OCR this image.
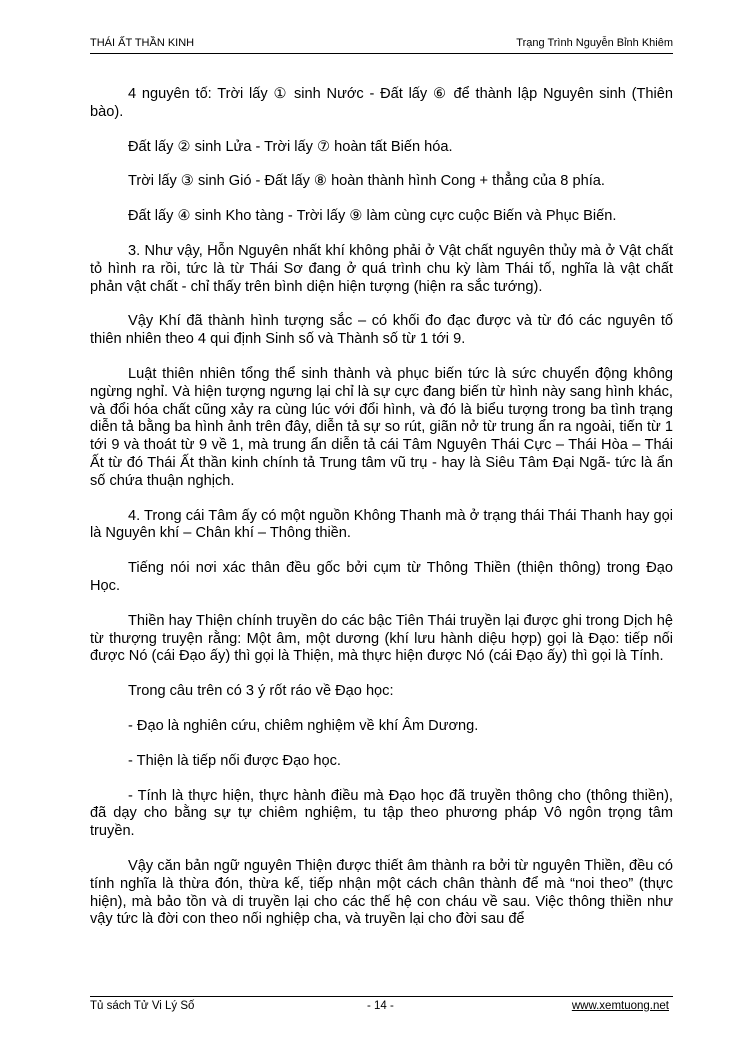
THÁI ẤT THẦN KINH	Trạng Trình Nguyễn Bỉnh Khiêm

4 nguyên tố: Trời lấy ① sinh Nước - Đất lấy ⑥ để thành lập Nguyên sinh (Thiên bào).

Đất lấy ② sinh Lửa - Trời lấy ⑦ hoàn tất Biến hóa.

Trời lấy ③ sinh Gió - Đất lấy ⑧ hoàn thành hình Cong + thẳng của 8 phía.

Đất lấy ④ sinh Kho tàng - Trời lấy ⑨ làm cùng cực cuộc Biến và Phục Biến.

3. Như vậy, Hỗn Nguyên nhất khí không phải ở Vật chất nguyên thủy mà ở Vật chất tỏ hình ra rồi, tức là từ Thái Sơ đang ở quá trình chu kỳ làm Thái tố, nghĩa là vật chất phản vật chất - chỉ thấy trên bình diện hiện tượng (hiện ra sắc tướng).

Vậy Khí đã thành hình tượng sắc – có khối đo đạc được và từ đó các nguyên tố thiên nhiên theo 4 qui định Sinh số và Thành số từ 1 tới 9.

Luật thiên nhiên tổng thể sinh thành và phục biến tức là sức chuyển động không ngừng nghỉ. Và hiện tượng ngưng lại chỉ là sự cực đang biến từ hình này sang hình khác, và đổi hóa chất cũng xảy ra cùng lúc với đổi hình, và đó là biểu tượng trong ba tình trạng diễn tả bằng ba hình ảnh trên đây, diễn tả sự so rút, giãn nở từ trung ẩn ra ngoài, tiến từ 1 tới 9 và thoát từ 9 về 1, mà trung ẩn diễn tả cái Tâm Nguyên Thái Cực – Thái Hòa – Thái Ất từ đó Thái Ất thần kinh chính tả Trung tâm vũ trụ - hay là Siêu Tâm Đại Ngã- tức là ẩn số chứa thuận nghịch.

4. Trong cái Tâm ấy có một nguồn Không Thanh mà ở trạng thái Thái Thanh hay gọi là Nguyên khí – Chân khí – Thông thiền.

Tiếng nói nơi xác thân đều gốc bởi cụm từ Thông Thiền (thiện thông) trong Đạo Học.

Thiền hay Thiện chính truyền do các bậc Tiên Thái truyền lại được ghi trong Dịch hệ từ thượng truyện rằng: Một âm, một dương (khí lưu hành diệu hợp) gọi là Đạo: tiếp nối được Nó (cái Đạo ấy) thì gọi là Thiện, mà thực hiện được Nó (cái Đạo ấy) thì gọi là Tính.

Trong câu trên có 3 ý rốt ráo về Đạo học:

- Đạo là nghiên cứu, chiêm nghiệm về khí Âm Dương.

- Thiện là tiếp nối được Đạo học.

- Tính là thực hiện, thực hành điều mà Đạo học đã truyền thông cho (thông thiền), đã dạy cho bằng sự tự chiêm nghiệm, tu tập theo phương pháp Vô ngôn trọng tâm truyền.

Vậy căn bản ngữ nguyên Thiện được thiết âm thành ra bởi từ nguyên Thiền, đều có tính nghĩa là thừa đón, thừa kế, tiếp nhận một cách chân thành để mà “noi theo” (thực hiện), mà bảo tồn và di truyền lại cho các thế hệ con cháu về sau. Việc thông thiền như vậy tức là đời con theo nối nghiệp cha, và truyền lại cho đời sau để

Tủ sách Tử Vi Lý Số	- 14 -	www.xemtuong.net
